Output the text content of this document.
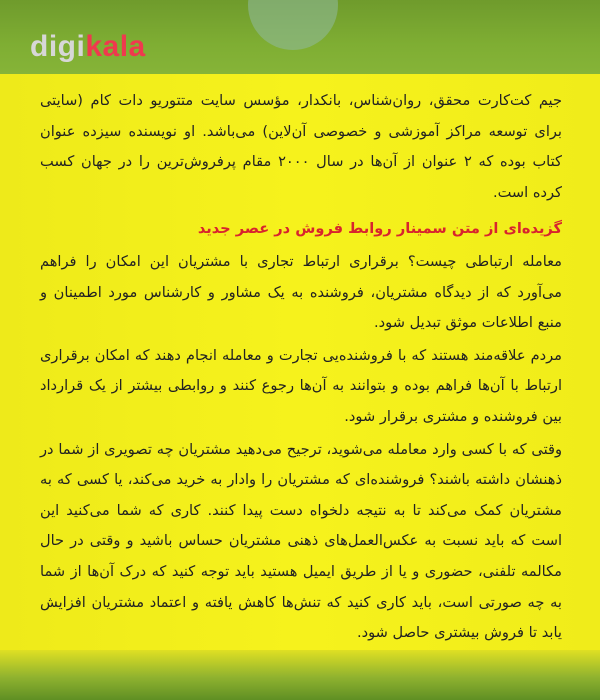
digikala

جیم کت‌کارت محقق، روان‌شناس، بانکدار، مؤسس سایت متتوریو دات کام (سایتی برای توسعه مراکز آموزشی و خصوصی آن‌لاین) می‌باشد. او نویسنده سیزده عنوان کتاب بوده که ۲ عنوان از آن‌ها در سال ۲۰۰۰ مقام پرفروش‌ترین را در جهان کسب کرده است.

گزیده‌ای از متن سمینار روابط فروش در عصر جدید

معامله ارتباطی چیست؟ برقراری ارتباط تجاری با مشتریان این امکان را فراهم می‌آورد که از دیدگاه مشتریان، فروشنده به یک مشاور و کارشناس مورد اطمینان و منبع اطلاعات موثق تبدیل شود.

مردم علاقه‌مند هستند که با فروشنده‌یی تجارت و معامله انجام دهند که امکان برقراری ارتباط با آن‌ها فراهم بوده و بتوانند به آن‌ها رجوع کنند و روابطی بیشتر از یک قرارداد بین فروشنده و مشتری برقرار شود.

وقتی که با کسی وارد معامله می‌شوید، ترجیح می‌دهید مشتریان چه تصویری از شما در ذهنشان داشته باشند؟ فروشنده‌ای که مشتریان را وادار به خرید می‌کند، یا کسی که به مشتریان کمک می‌کند تا به نتیجه دلخواه دست پیدا کنند. کاری که شما می‌کنید این است که باید نسبت به عکس‌العمل‌های ذهنی مشتریان حساس باشید و وقتی در حال مکالمه تلفنی، حضوری و یا از طریق ایمیل هستید باید توجه کنید که درک آن‌ها از شما به چه صورتی است، باید کاری کنید که تنش‌ها کاهش یافته و اعتماد مشتریان افزایش یابد تا فروش بیشتری حاصل شود.
